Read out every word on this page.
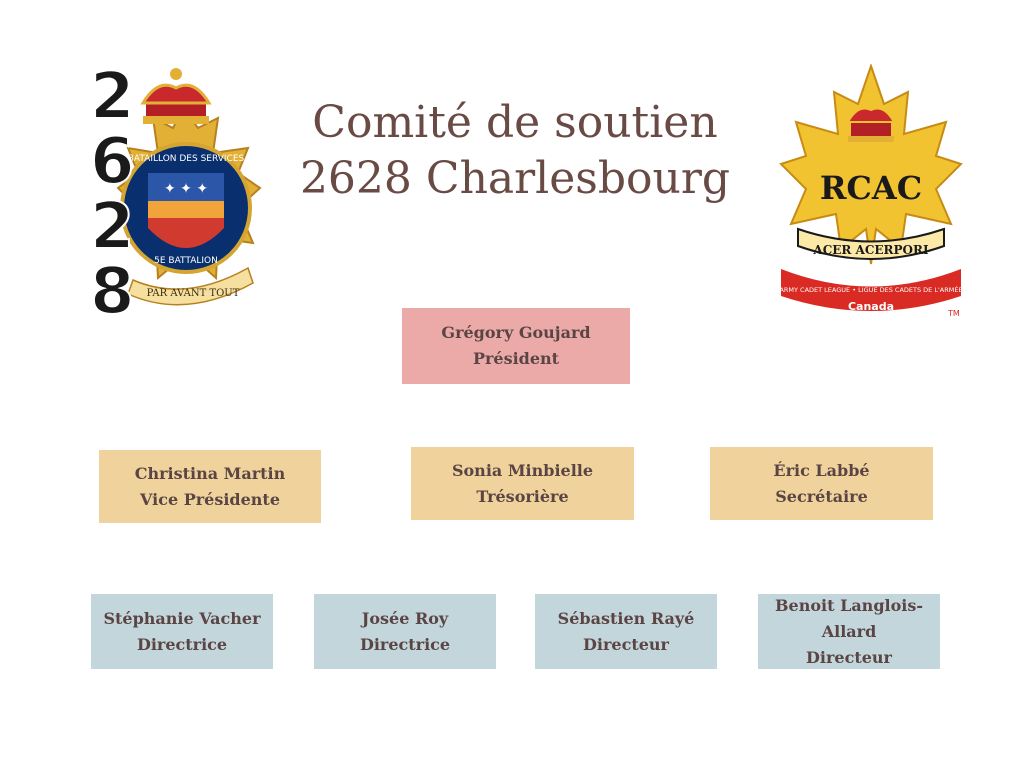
BATAILLON DES SERVICES
✦ ✦ ✦
5E BATTALION
PAR AVANT TOUT
2
6
2
8
RCAC
ACER ACERPORI
ARMY CADET LEAGUE • LIGUE DES CADETS DE L'ARMÉE
Canada
TM
Comité de soutien
2628 Charlesbourg
Grégory Goujard
Président
Christina Martin
Vice Présidente
Sonia Minbielle
Trésorière
Éric Labbé
Secrétaire
Stéphanie Vacher
Directrice
Josée Roy
Directrice
Sébastien Rayé
Directeur
Benoit Langlois-
Allard
Directeur
